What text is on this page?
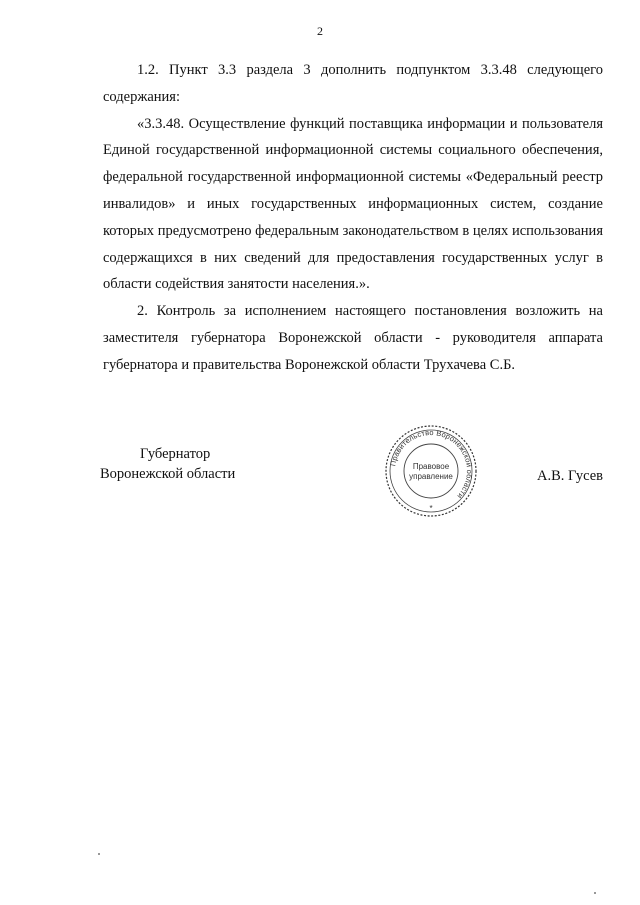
2

1.2. Пункт 3.3 раздела 3 дополнить подпунктом 3.3.48 следующего содержания:

«3.3.48. Осуществление функций поставщика информации и пользователя Единой государственной информационной системы социального обеспечения, федеральной государственной информационной системы «Федеральный реестр инвалидов» и иных государственных информационных систем, создание которых предусмотрено федеральным законодательством в целях использования содержащихся в них сведений для предоставления государственных услуг в области содействия занятости населения.».

2. Контроль за исполнением настоящего постановления возложить на заместителя губернатора Воронежской области - руководителя аппарата губернатора и правительства Воронежской области Трухачева С.Б.

Губернатор
Воронежской области
Правительство Воронежской области
Правовое
управление
*
А.В. Гусев
